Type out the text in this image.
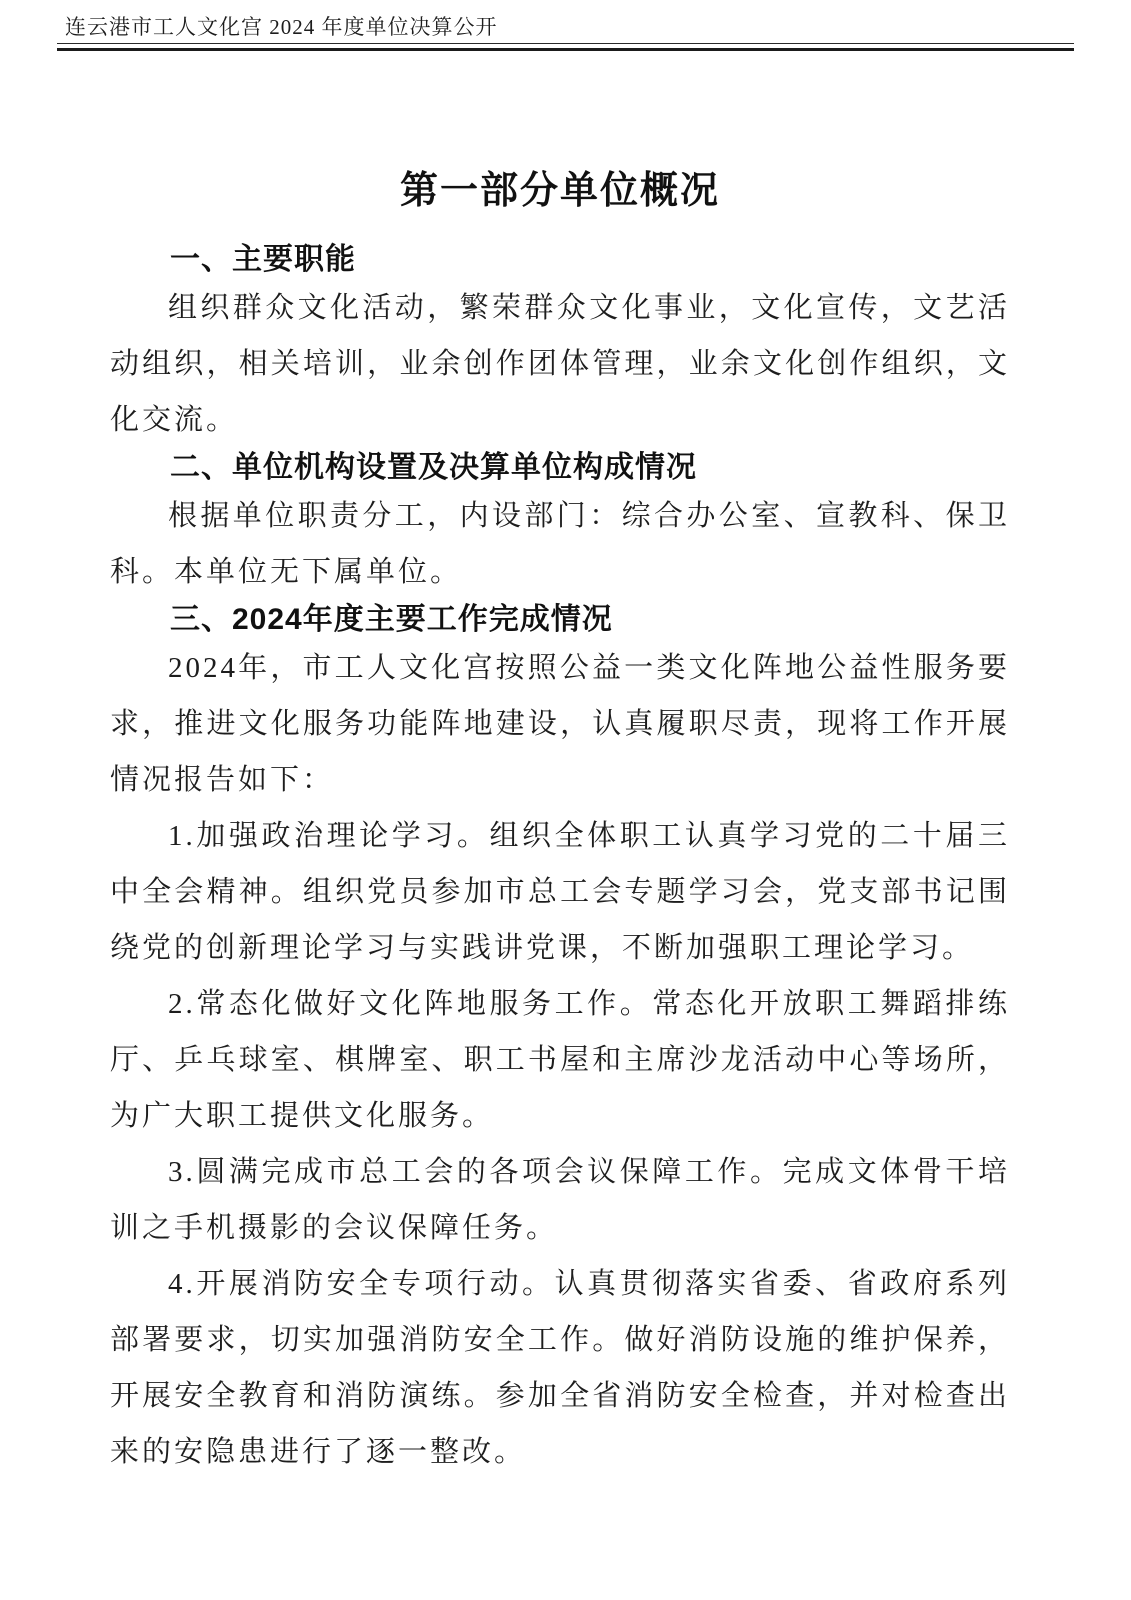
连云港市工人文化宫 2024 年度单位决算公开
第一部分单位概况
一、主要职能

组织群众文化活动，繁荣群众文化事业，文化宣传，文艺活动组织，相关培训，业余创作团体管理，业余文化创作组织，文化交流。

二、单位机构设置及决算单位构成情况

根据单位职责分工，内设部门：综合办公室、宣教科、保卫科。本单位无下属单位。

三、2024年度主要工作完成情况

2024年，市工人文化宫按照公益一类文化阵地公益性服务要求，推进文化服务功能阵地建设，认真履职尽责，现将工作开展情况报告如下：

1.加强政治理论学习。组织全体职工认真学习党的二十届三中全会精神。组织党员参加市总工会专题学习会，党支部书记围绕党的创新理论学习与实践讲党课，不断加强职工理论学习。

2.常态化做好文化阵地服务工作。常态化开放职工舞蹈排练厅、乒乓球室、棋牌室、职工书屋和主席沙龙活动中心等场所，为广大职工提供文化服务。

3.圆满完成市总工会的各项会议保障工作。完成文体骨干培训之手机摄影的会议保障任务。

4.开展消防安全专项行动。认真贯彻落实省委、省政府系列部署要求，切实加强消防安全工作。做好消防设施的维护保养，开展安全教育和消防演练。参加全省消防安全检查，并对检查出来的安隐患进行了逐一整改。
